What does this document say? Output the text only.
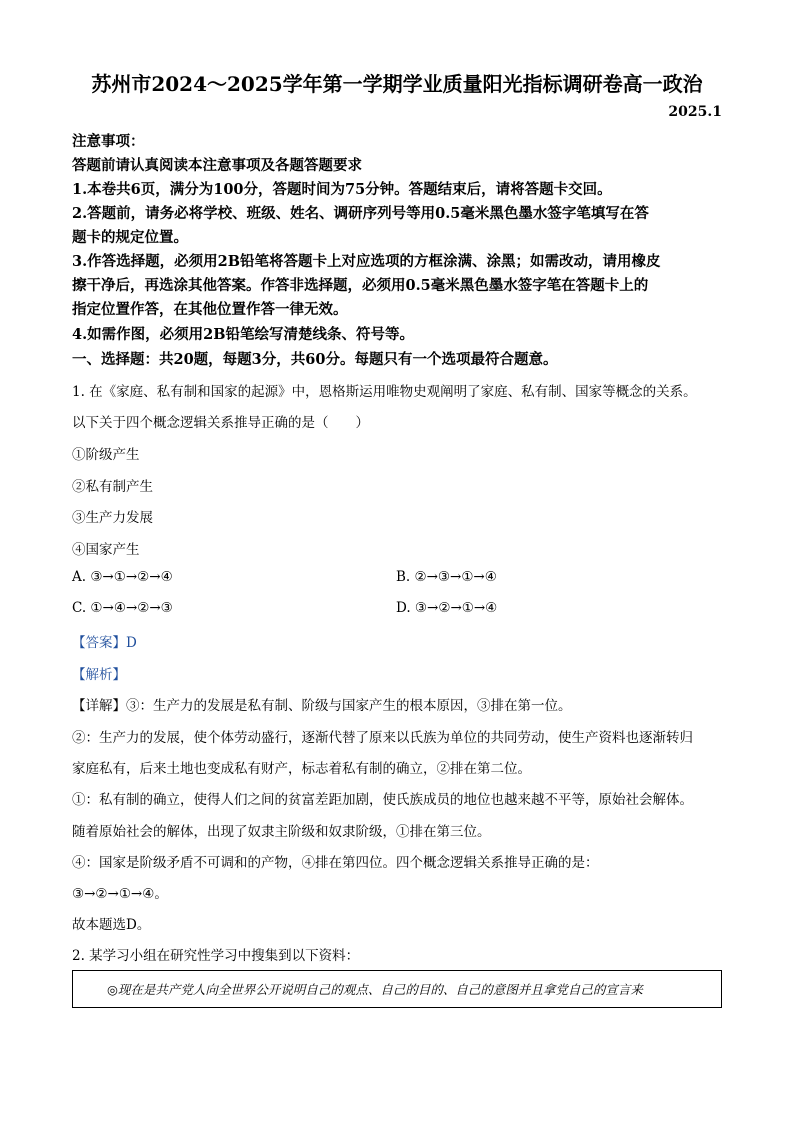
苏州市2024～2025学年第一学期学业质量阳光指标调研卷高一政治
2025.1
注意事项：
答题前请认真阅读本注意事项及各题答题要求
1.本卷共6页，满分为100分，答题时间为75分钟。答题结束后，请将答题卡交回。
2.答题前，请务必将学校、班级、姓名、调研序列号等用0.5毫米黑色墨水签字笔填写在答
题卡的规定位置。
3.作答选择题，必须用2B铅笔将答题卡上对应选项的方框涂满、涂黑；如需改动，请用橡皮
擦干净后，再选涂其他答案。作答非选择题，必须用0.5毫米黑色墨水签字笔在答题卡上的
指定位置作答，在其他位置作答一律无效。
4.如需作图，必须用2B铅笔绘写清楚线条、符号等。
一、选择题：共20题，每题3分，共60分。每题只有一个选项最符合题意。
1. 在《家庭、私有制和国家的起源》中，恩格斯运用唯物史观阐明了家庭、私有制、国家等概念的关系。
以下关于四个概念逻辑关系推导正确的是（　　）
①阶级产生
②私有制产生
③生产力发展
④国家产生
A. ③→①→②→④	B. ②→③→①→④
C. ①→④→②→③	D. ③→②→①→④
【答案】D
【解析】
【详解】③：生产力的发展是私有制、阶级与国家产生的根本原因，③排在第一位。
②：生产力的发展，使个体劳动盛行，逐渐代替了原来以氏族为单位的共同劳动，使生产资料也逐渐转归
家庭私有，后来土地也变成私有财产，标志着私有制的确立，②排在第二位。
①：私有制的确立，使得人们之间的贫富差距加剧，使氏族成员的地位也越来越不平等，原始社会解体。
随着原始社会的解体，出现了奴隶主阶级和奴隶阶级，①排在第三位。
④：国家是阶级矛盾不可调和的产物，④排在第四位。四个概念逻辑关系推导正确的是：
③→②→①→④。
故本题选D。
2. 某学习小组在研究性学习中搜集到以下资料：
◎现在是共产党人向全世界公开说明自己的观点、自己的目的、自己的意图并且拿党自己的宣言来
